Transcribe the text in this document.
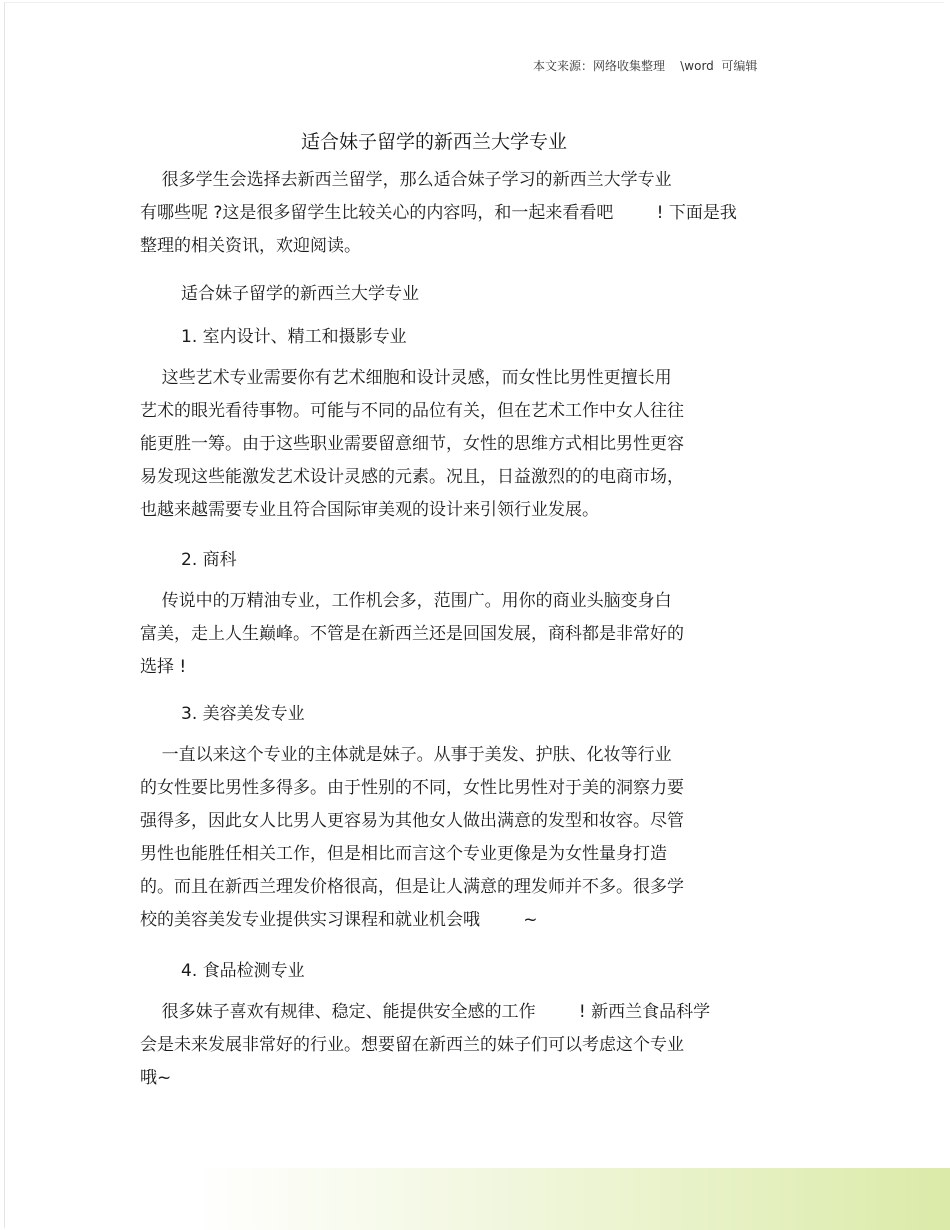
本文来源：网络收集整理    \word  可编辑
适合妹子留学的新西兰大学专业
很多学生会选择去新西兰留学，那么适合妹子学习的新西兰大学专业
有哪些呢 ?这是很多留学生比较关心的内容吗，和一起来看看吧        ! 下面是我
整理的相关资讯，欢迎阅读。
适合妹子留学的新西兰大学专业
1. 室内设计、精工和摄影专业
这些艺术专业需要你有艺术细胞和设计灵感，而女性比男性更擅长用
艺术的眼光看待事物。可能与不同的品位有关，但在艺术工作中女人往往
能更胜一筹。由于这些职业需要留意细节，女性的思维方式相比男性更容
易发现这些能激发艺术设计灵感的元素。况且，日益激烈的的电商市场，
也越来越需要专业且符合国际审美观的设计来引领行业发展。
2. 商科
传说中的万精油专业，工作机会多，范围广。用你的商业头脑变身白
富美，走上人生巅峰。不管是在新西兰还是回国发展，商科都是非常好的
选择 !
3. 美容美发专业
一直以来这个专业的主体就是妹子。从事于美发、护肤、化妆等行业
的女性要比男性多得多。由于性别的不同，女性比男性对于美的洞察力要
强得多，因此女人比男人更容易为其他女人做出满意的发型和妆容。尽管
男性也能胜任相关工作，但是相比而言这个专业更像是为女性量身打造
的。而且在新西兰理发价格很高，但是让人满意的理发师并不多。很多学
校的美容美发专业提供实习课程和就业机会哦        ~
4. 食品检测专业
很多妹子喜欢有规律、稳定、能提供安全感的工作        ! 新西兰食品科学
会是未来发展非常好的行业。想要留在新西兰的妹子们可以考虑这个专业
哦~
